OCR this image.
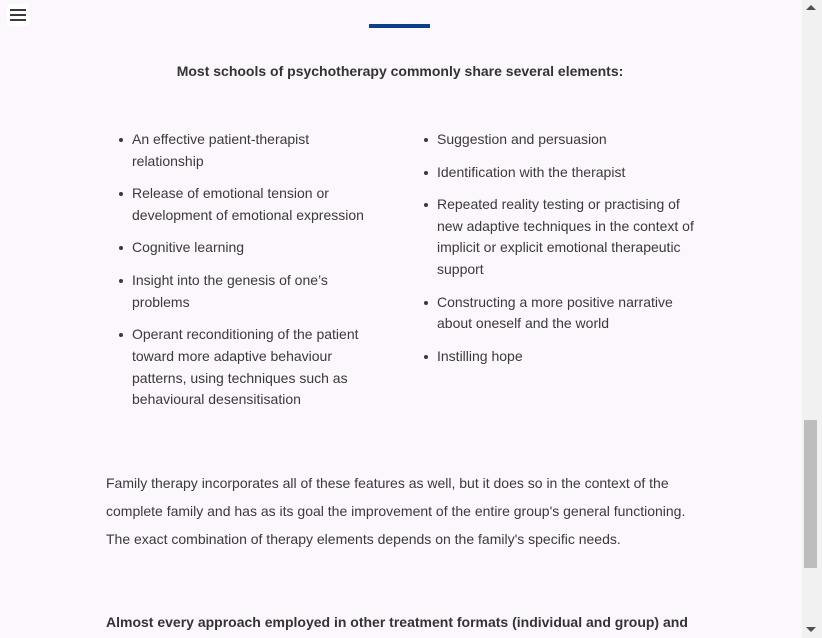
Most schools of psychotherapy commonly share several elements:
An effective patient-therapist relationship
Release of emotional tension or development of emotional expression
Cognitive learning
Insight into the genesis of one’s problems
Operant reconditioning of the patient toward more adaptive behaviour patterns, using techniques such as behavioural desensitisation
Suggestion and persuasion
Identification with the therapist
Repeated reality testing or practising of new adaptive techniques in the context of implicit or explicit emotional therapeutic support
Constructing a more positive narrative about oneself and the world
Instilling hope

Family therapy incorporates all of these features as well, but it does so in the context of the complete family and has as its goal the improvement of the entire group's general functioning. The exact combination of therapy elements depends on the family's specific needs.

Almost every approach employed in other treatment formats (individual and group) and
